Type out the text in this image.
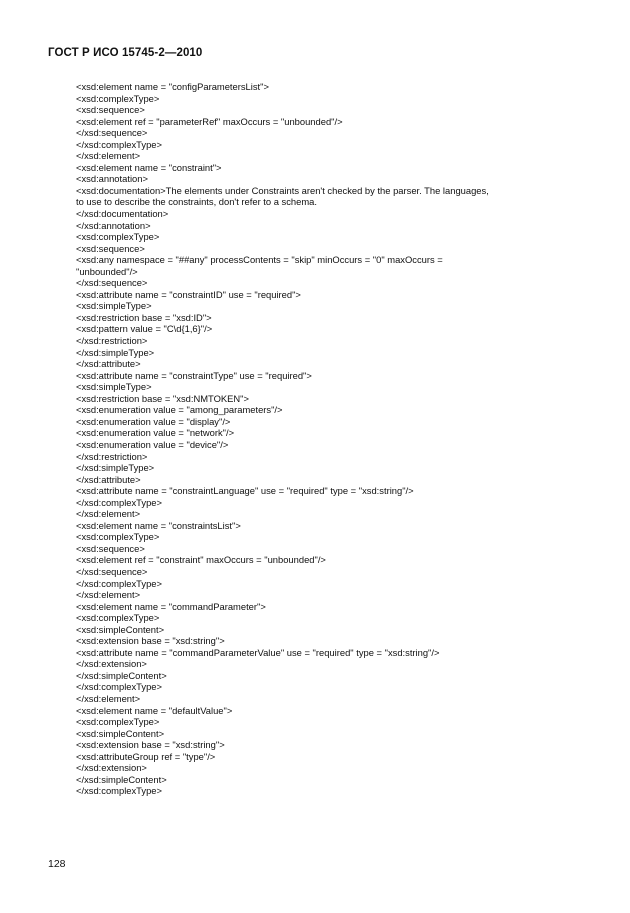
ГОСТ Р ИСО 15745-2—2010
<xsd:element name = "configParametersList">
<xsd:complexType>
<xsd:sequence>
<xsd:element ref = "parameterRef" maxOccurs = "unbounded"/>
</xsd:sequence>
</xsd:complexType>
</xsd:element>
<xsd:element name = "constraint">
<xsd:annotation>
<xsd:documentation>The elements under Constraints aren't checked by the parser. The languages,
to use to describe the constraints, don't refer to a schema.
</xsd:documentation>
</xsd:annotation>
<xsd:complexType>
<xsd:sequence>
<xsd:any namespace = "##any" processContents = "skip" minOccurs = "0" maxOccurs =
"unbounded"/>
</xsd:sequence>
<xsd:attribute name = "constraintID" use = "required">
<xsd:simpleType>
<xsd:restriction base = "xsd:ID">
<xsd:pattern value = "C\d{1,6}"/>
</xsd:restriction>
</xsd:simpleType>
</xsd:attribute>
<xsd:attribute name = "constraintType" use = "required">
<xsd:simpleType>
<xsd:restriction base = "xsd:NMTOKEN">
<xsd:enumeration value = "among_parameters"/>
<xsd:enumeration value = "display"/>
<xsd:enumeration value = "network"/>
<xsd:enumeration value = "device"/>
</xsd:restriction>
</xsd:simpleType>
</xsd:attribute>
<xsd:attribute name = "constraintLanguage" use = "required" type = "xsd:string"/>
</xsd:complexType>
</xsd:element>
<xsd:element name = "constraintsList">
<xsd:complexType>
<xsd:sequence>
<xsd:element ref = "constraint" maxOccurs = "unbounded"/>
</xsd:sequence>
</xsd:complexType>
</xsd:element>
<xsd:element name = "commandParameter">
<xsd:complexType>
<xsd:simpleContent>
<xsd:extension base = "xsd:string">
<xsd:attribute name = "commandParameterValue" use = "required" type = "xsd:string"/>
</xsd:extension>
</xsd:simpleContent>
</xsd:complexType>
</xsd:element>
<xsd:element name = "defaultValue">
<xsd:complexType>
<xsd:simpleContent>
<xsd:extension base = "xsd:string">
<xsd:attributeGroup ref = "type"/>
</xsd:extension>
</xsd:simpleContent>
</xsd:complexType>
128
